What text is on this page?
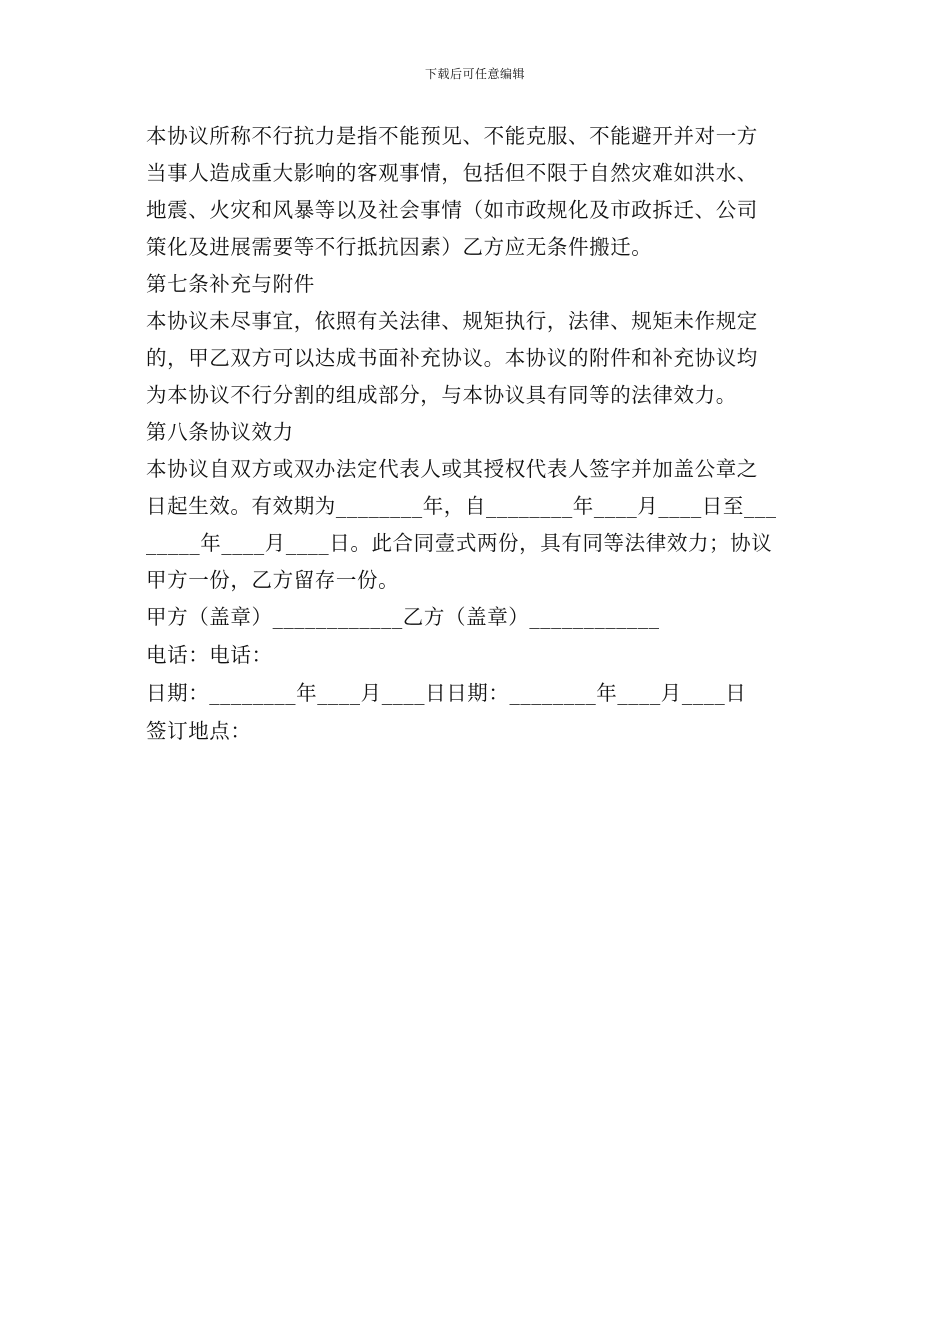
下载后可任意编辑
本协议所称不行抗力是指不能预见、不能克服、不能避开并对一方
当事人造成重大影响的客观事情，包括但不限于自然灾难如洪水、
地震、火灾和风暴等以及社会事情（如市政规化及市政拆迁、公司
策化及进展需要等不行抵抗因素）乙方应无条件搬迁。
第七条补充与附件
本协议未尽事宜，依照有关法律、规矩执行，法律、规矩未作规定
的，甲乙双方可以达成书面补充协议。本协议的附件和补充协议均
为本协议不行分割的组成部分，与本协议具有同等的法律效力。
第八条协议效力
本协议自双方或双办法定代表人或其授权代表人签字并加盖公章之
日起生效。有效期为________年，自________年____月____日至___
_____年____月____日。此合同壹式两份，具有同等法律效力；协议
甲方一份，乙方留存一份。
甲方（盖章）____________乙方（盖章）____________
电话：电话：
日期：________年____月____日日期：________年____月____日
签订地点：
